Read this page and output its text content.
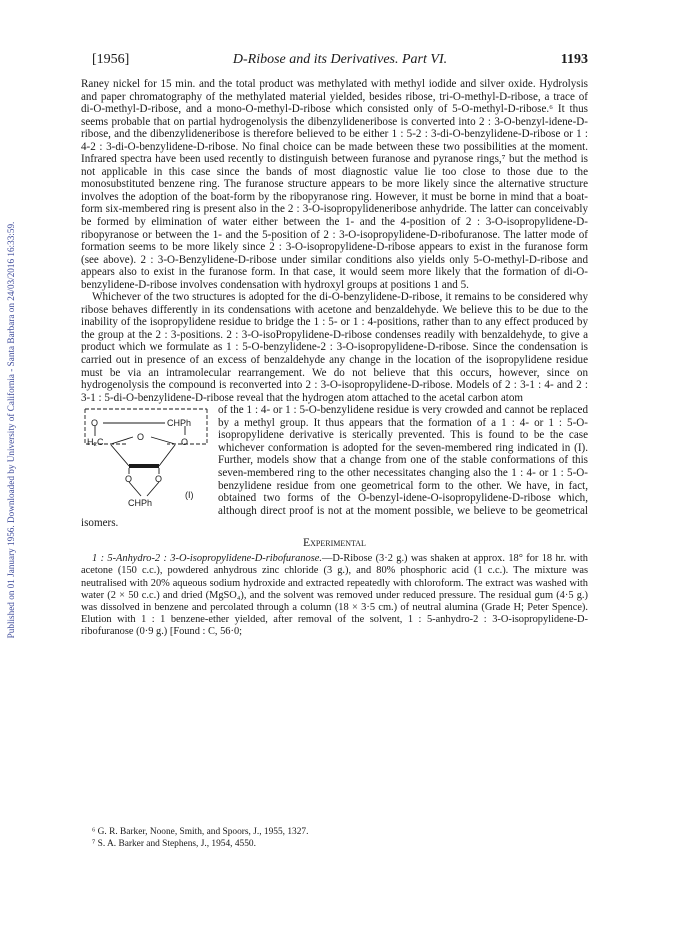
Published on 01 January 1956. Downloaded by University of California - Santa Barbara on 24/03/2016 16:33:59.
[1956]	D-Ribose and its Derivatives. Part VI.	1193

Raney nickel for 15 min. and the total product was methylated with methyl iodide and silver oxide. Hydrolysis and paper chromatography of the methylated material yielded, besides ribose, tri-O-methyl-D-ribose, a trace of di-O-methyl-D-ribose, and a mono-O-methyl-D-ribose which consisted only of 5-O-methyl-D-ribose.⁶ It thus seems probable that on partial hydrogenolysis the dibenzylideneribose is converted into 2 : 3-O-benzyl-idene-D-ribose, and the dibenzylideneribose is therefore believed to be either 1 : 5-2 : 3-di-O-benzylidene-D-ribose or 1 : 4-2 : 3-di-O-benzylidene-D-ribose. No final choice can be made between these two possibilities at the moment. Infrared spectra have been used recently to distinguish between furanose and pyranose rings,⁷ but the method is not applicable in this case since the bands of most diagnostic value lie too close to those due to the monosubstituted benzene ring. The furanose structure appears to be more likely since the alternative structure involves the adoption of the boat-form by the ribopyranose ring. However, it must be borne in mind that a boat-form six-membered ring is present also in the 2 : 3-O-isopropylideneribose anhydride. The latter can conceivably be formed by elimination of water either between the 1- and the 4-position of 2 : 3-O-isopropylidene-D-ribopyranose or between the 1- and the 5-position of 2 : 3-O-isopropylidene-D-ribofuranose. The latter mode of formation seems to be more likely since 2 : 3-O-isopropylidene-D-ribose appears to exist in the furanose form (see above). 2 : 3-O-Benzylidene-D-ribose under similar conditions also yields only 5-O-methyl-D-ribose and appears also to exist in the furanose form. In that case, it would seem more likely that the formation of di-O-benzylidene-D-ribose involves condensation with hydroxyl groups at positions 1 and 5.

Whichever of the two structures is adopted for the di-O-benzylidene-D-ribose, it remains to be considered why ribose behaves differently in its condensations with acetone and benzaldehyde. We believe this to be due to the inability of the isopropylidene residue to bridge the 1 : 5- or 1 : 4-positions, rather than to any effect produced by the group at the 2 : 3-positions. 2 : 3-O-isoPropylidene-D-ribose condenses readily with benzaldehyde, to give a product which we formulate as 1 : 5-O-benzylidene-2 : 3-O-isopropylidene-D-ribose. Since the condensation is carried out in presence of an excess of benzaldehyde any change in the location of the isopropylidene residue must be via an intramolecular rearrangement. We do not believe that this occurs, however, since on hydrogenolysis the compound is reconverted into 2 : 3-O-isopropylidene-D-ribose. Models of 2 : 3-1 : 4- and 2 : 3-1 : 5-di-O-benzylidene-D-ribose reveal that the hydrogen atom attached to the acetal carbon atom

O	CHPh
H₂C	O	O
O	O
CHPh
(I)

of the 1 : 4- or 1 : 5-O-benzylidene residue is very crowded and cannot be replaced by a methyl group. It thus appears that the formation of a 1 : 4- or 1 : 5-O-isopropylidene derivative is sterically prevented. This is found to be the case whichever conformation is adopted for the seven-membered ring indicated in (I). Further, models show that a change from one of the stable conformations of this seven-membered ring to the other necessitates changing also the 1 : 4- or 1 : 5-O-benzylidene residue from one geometrical form to the other. We have, in fact, obtained two forms of the O-benzyl-idene-O-isopropylidene-D-ribose which, although direct proof is not at the moment possible, we believe to be geometrical isomers.

Experimental

1 : 5-Anhydro-2 : 3-O-isopropylidene-D-ribofuranose.—D-Ribose (3·2 g.) was shaken at approx. 18° for 18 hr. with acetone (150 c.c.), powdered anhydrous zinc chloride (3 g.), and 80% phosphoric acid (1 c.c.). The mixture was neutralised with 20% aqueous sodium hydroxide and extracted repeatedly with chloroform. The extract was washed with water (2 × 50 c.c.) and dried (MgSO₄), and the solvent was removed under reduced pressure. The residual gum (4·5 g.) was dissolved in benzene and percolated through a column (18 × 3·5 cm.) of neutral alumina (Grade H; Peter Spence). Elution with 1 : 1 benzene-ether yielded, after removal of the solvent, 1 : 5-anhydro-2 : 3-O-isopropylidene-D-ribofuranose (0·9 g.) [Found : C, 56·0;

⁶ G. R. Barker, Noone, Smith, and Spoors, J., 1955, 1327.
⁷ S. A. Barker and Stephens, J., 1954, 4550.
